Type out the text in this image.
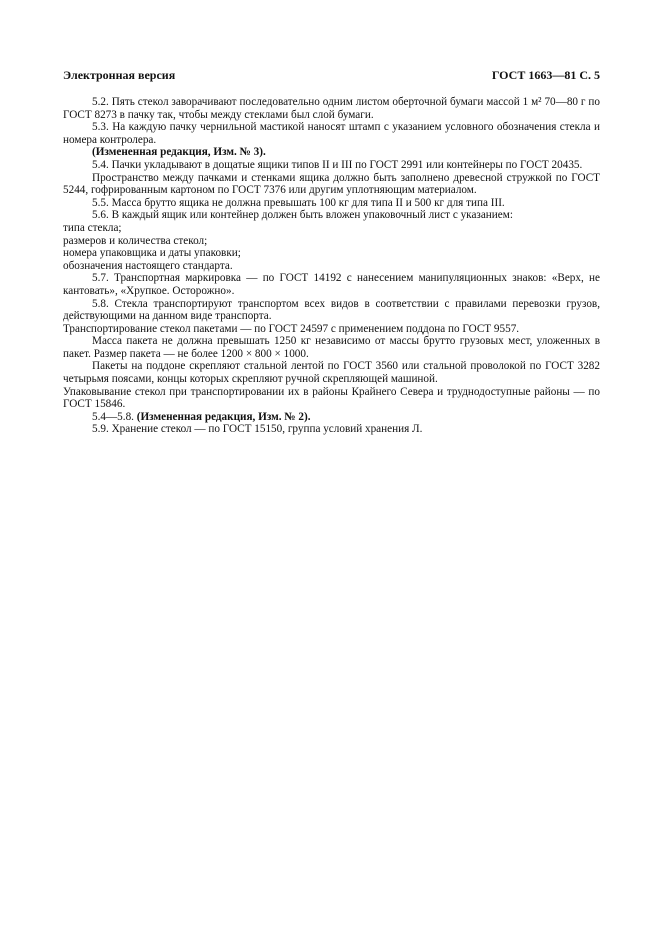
Электронная версия	ГОСТ 1663—81 С. 5

5.2. Пять стекол заворачивают последовательно одним листом оберточной бумаги массой 1 м² 70—80 г по ГОСТ 8273 в пачку так, чтобы между стеклами был слой бумаги.

5.3. На каждую пачку чернильной мастикой наносят штамп с указанием условного обозначения стекла и номера контролера.

(Измененная редакция, Изм. № 3).

5.4. Пачки укладывают в дощатые ящики типов II и III по ГОСТ 2991 или контейнеры по ГОСТ 20435.

Пространство между пачками и стенками ящика должно быть заполнено древесной стружкой по ГОСТ 5244, гофрированным картоном по ГОСТ 7376 или другим уплотняющим материалом.

5.5. Масса брутто ящика не должна превышать 100 кг для типа II и 500 кг для типа III.

5.6. В каждый ящик или контейнер должен быть вложен упаковочный лист с указанием:

типа стекла;

размеров и количества стекол;

номера упаковщика и даты упаковки;

обозначения настоящего стандарта.

5.7. Транспортная маркировка — по ГОСТ 14192 с нанесением манипуляционных знаков: «Верх, не кантовать», «Хрупкое. Осторожно».

5.8. Стекла транспортируют транспортом всех видов в соответствии с правилами перевозки грузов, действующими на данном виде транспорта.

Транспортирование стекол пакетами — по ГОСТ 24597 с применением поддона по ГОСТ 9557.

Масса пакета не должна превышать 1250 кг независимо от массы брутто грузовых мест, уложенных в пакет. Размер пакета — не более 1200 × 800 × 1000.

Пакеты на поддоне скрепляют стальной лентой по ГОСТ 3560 или стальной проволокой по ГОСТ 3282 четырьмя поясами, концы которых скрепляют ручной скрепляющей машиной.

Упаковывание стекол при транспортировании их в районы Крайнего Севера и труднодоступные районы — по ГОСТ 15846.

5.4—5.8. (Измененная редакция, Изм. № 2).

5.9. Хранение стекол — по ГОСТ 15150, группа условий хранения Л.
